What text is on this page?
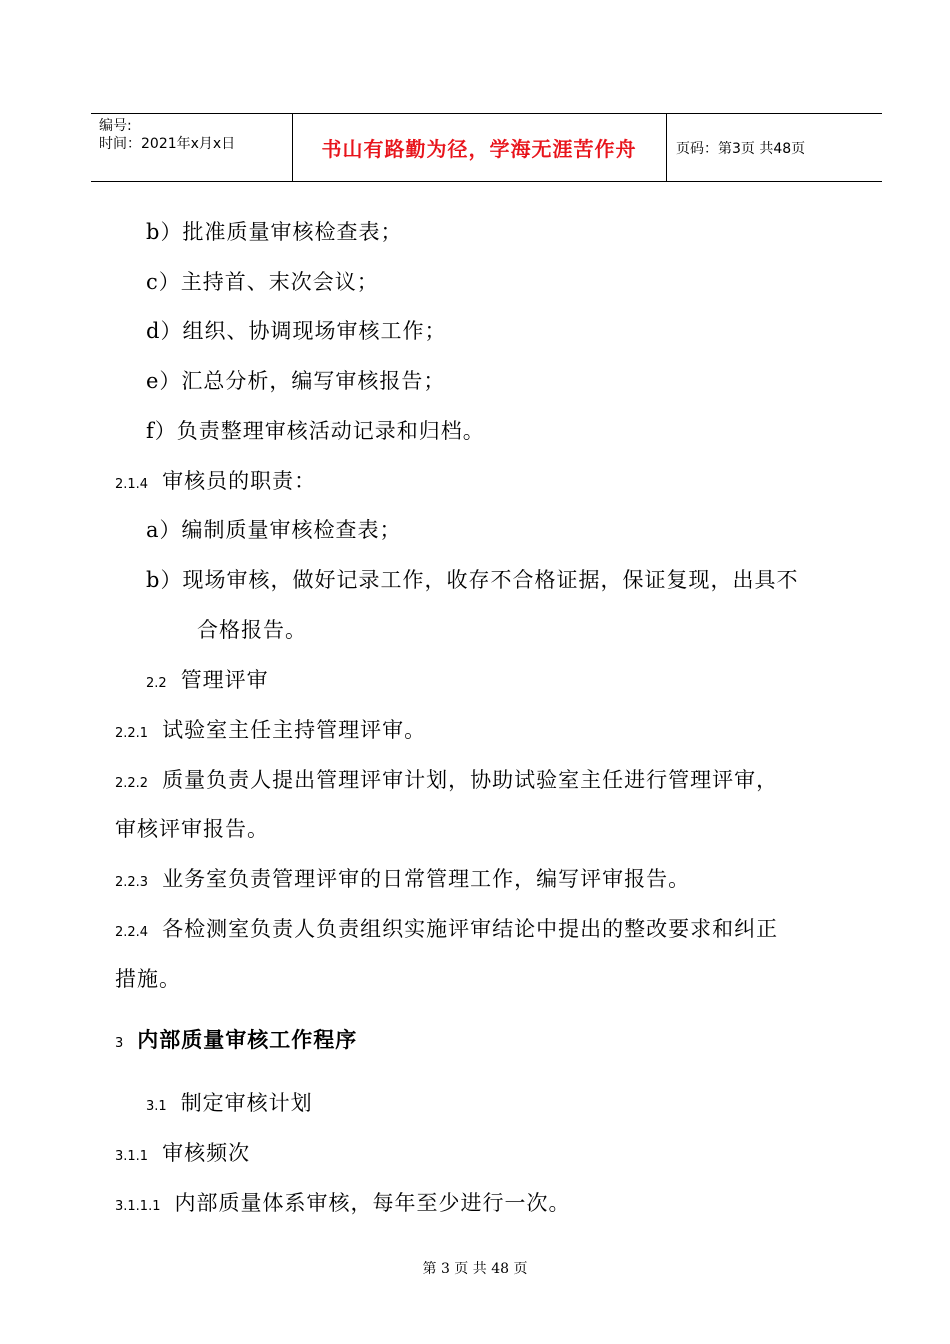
编号:
时间：2021年x月x日	书山有路勤为径，学海无涯苦作舟	页码：第3页 共48页
b）批准质量审核检查表；
c）主持首、末次会议；
d）组织、协调现场审核工作；
e）汇总分析，编写审核报告；
f）负责整理审核活动记录和归档。
2.1.4 审核员的职责：
a）编制质量审核检查表；
b）现场审核，做好记录工作，收存不合格证据，保证复现，出具不
合格报告。
2.2 管理评审
2.2.1 试验室主任主持管理评审。
2.2.2 质量负责人提出管理评审计划，协助试验室主任进行管理评审，
审核评审报告。
2.2.3 业务室负责管理评审的日常管理工作，编写评审报告。
2.2.4 各检测室负责人负责组织实施评审结论中提出的整改要求和纠正
措施。
3 内部质量审核工作程序
3.1 制定审核计划
3.1.1 审核频次
3.1.1.1 内部质量体系审核，每年至少进行一次。
第 3 页 共 48 页
